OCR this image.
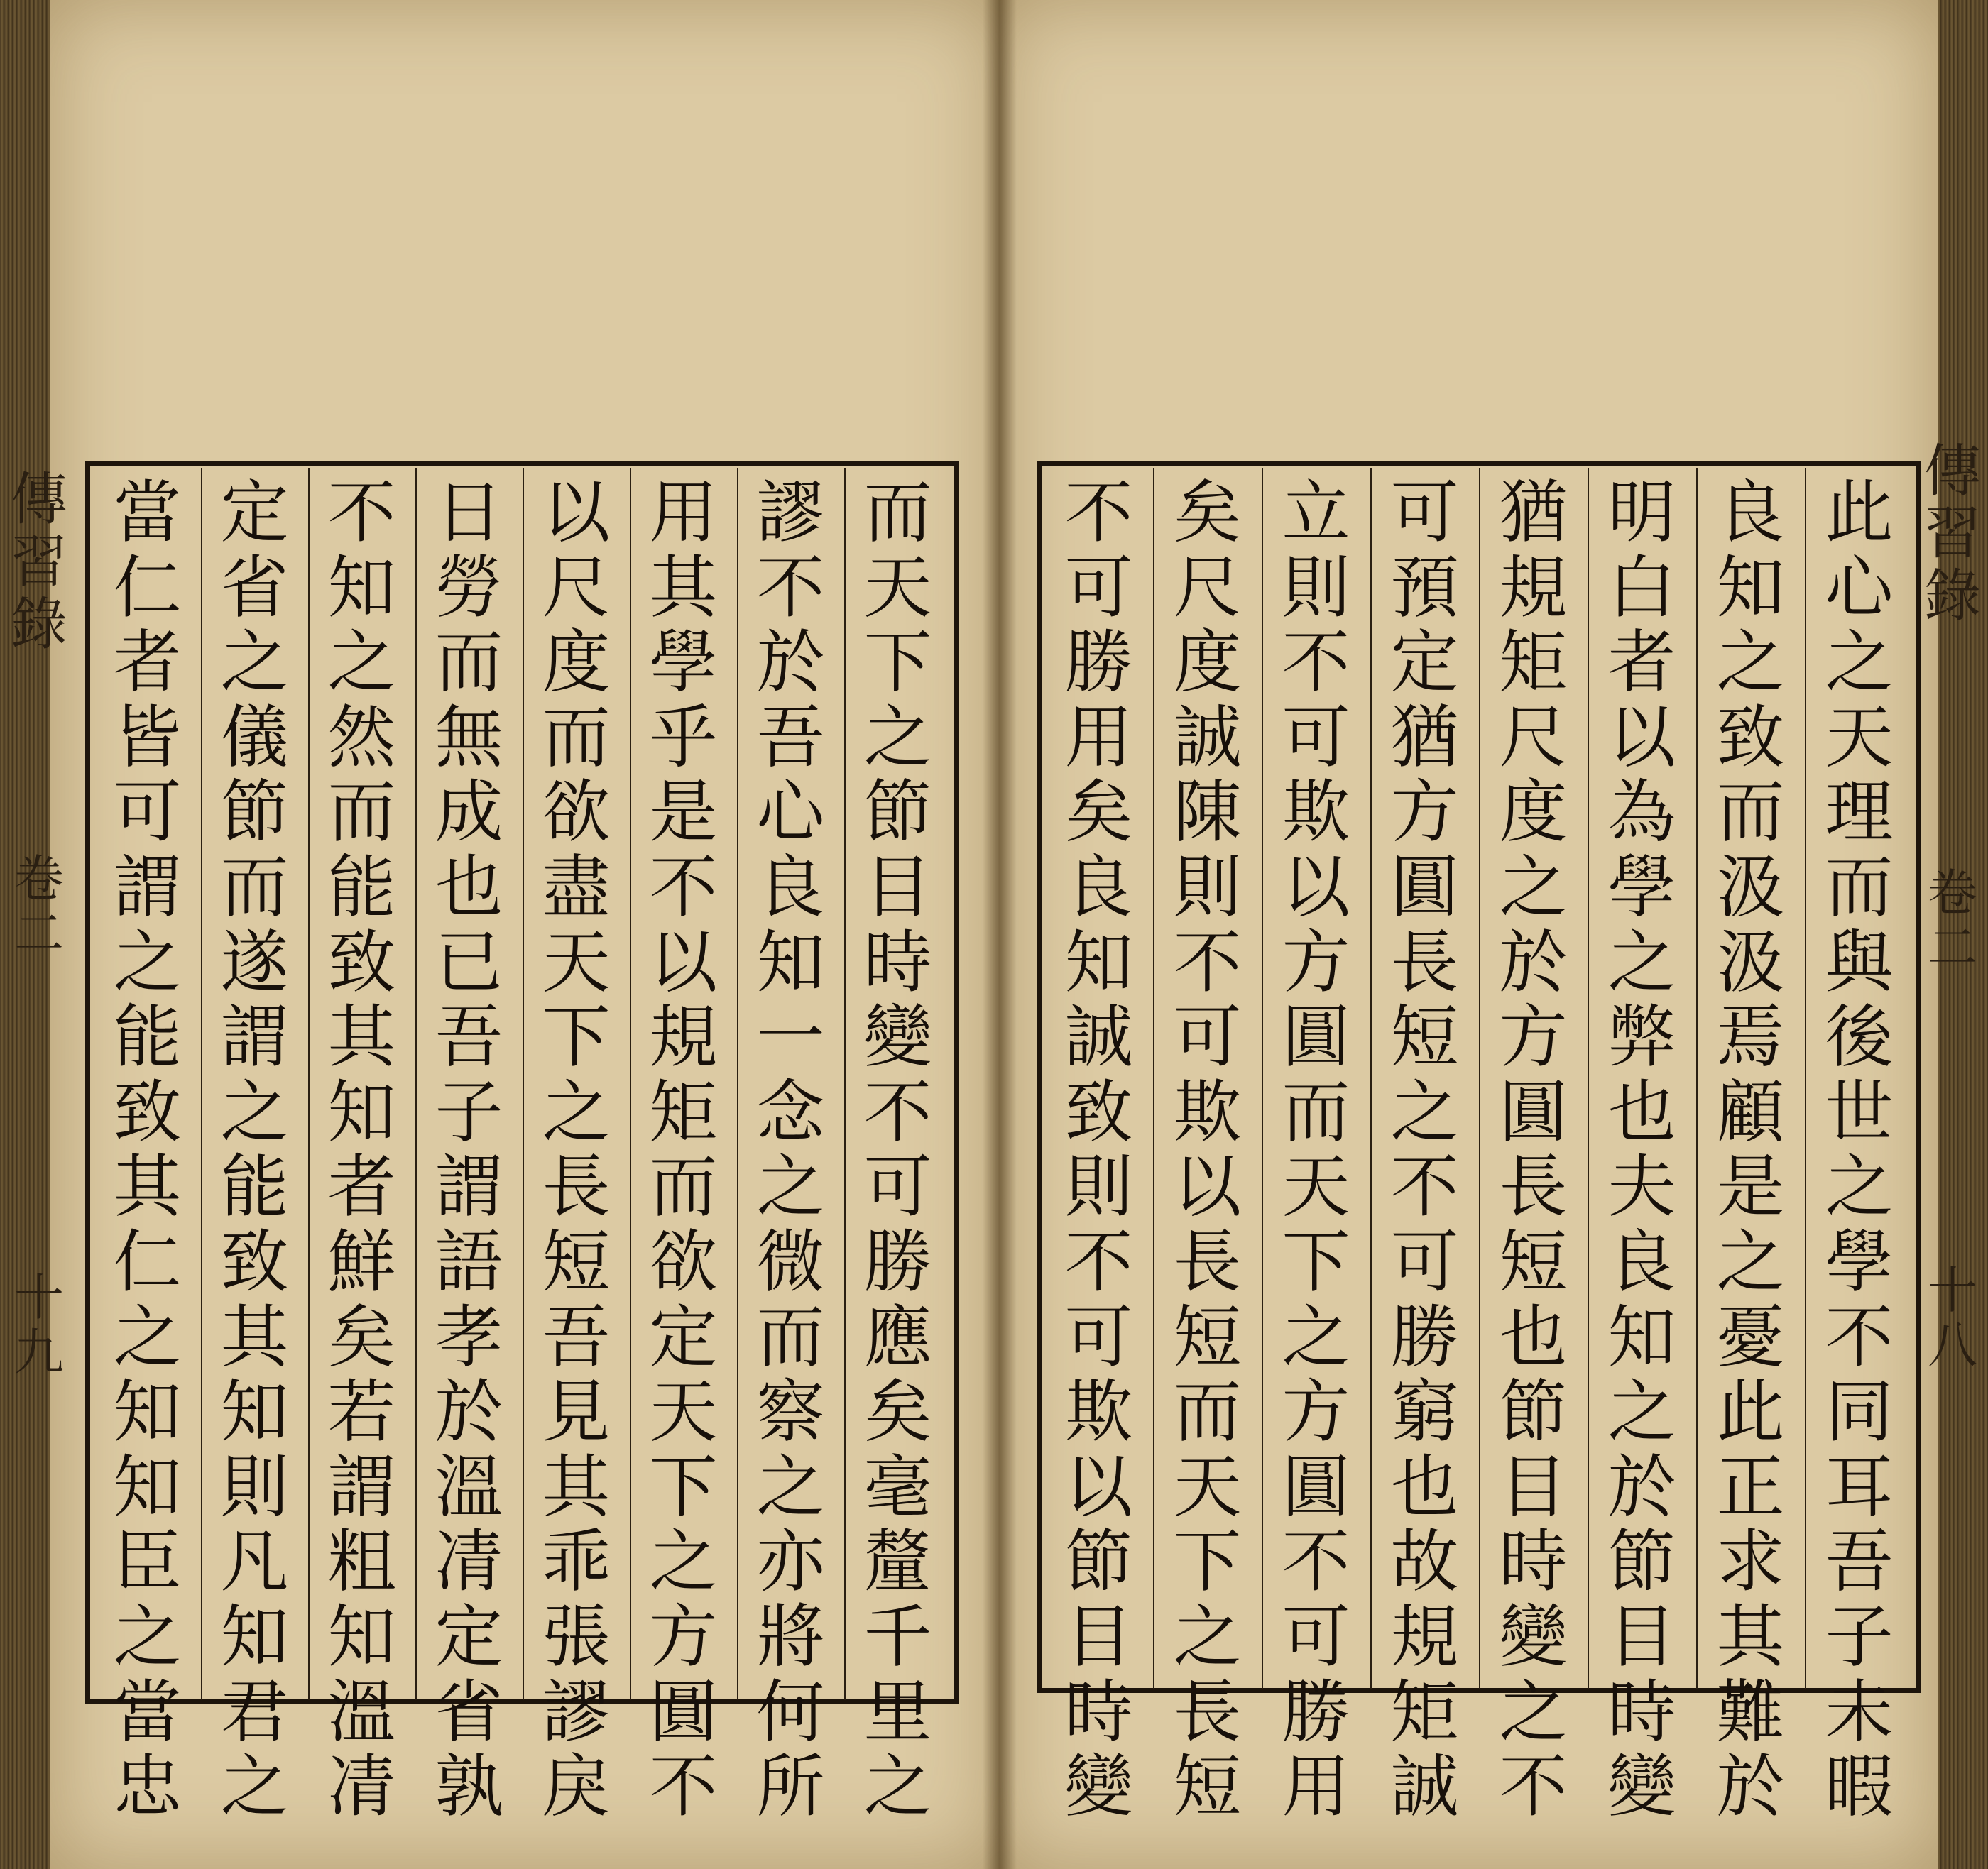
傳
習
錄
卷
二
十
九
傳
習
錄
卷
二
十
八
而
天
下
之
節
目
時
變
不
可
勝
應
矣
毫
釐
千
里
之
謬
不
於
吾
心
良
知
一
念
之
微
而
察
之
亦
將
何
所
用
其
學
乎
是
不
以
規
矩
而
欲
定
天
下
之
方
圓
不
以
尺
度
而
欲
盡
天
下
之
長
短
吾
見
其
乖
張
謬
戾
日
勞
而
無
成
也
已
吾
子
謂
語
孝
於
溫
凊
定
省
孰
不
知
之
然
而
能
致
其
知
者
鮮
矣
若
謂
粗
知
溫
凊
定
省
之
儀
節
而
遂
謂
之
能
致
其
知
則
凡
知
君
之
當
仁
者
皆
可
謂
之
能
致
其
仁
之
知
知
臣
之
當
忠
此
心
之
天
理
而
與
後
世
之
學
不
同
耳
吾
子
未
暇
良
知
之
致
而
汲
汲
焉
顧
是
之
憂
此
正
求
其
難
於
明
白
者
以
為
學
之
弊
也
夫
良
知
之
於
節
目
時
變
猶
規
矩
尺
度
之
於
方
圓
長
短
也
節
目
時
變
之
不
可
預
定
猶
方
圓
長
短
之
不
可
勝
窮
也
故
規
矩
誠
立
則
不
可
欺
以
方
圓
而
天
下
之
方
圓
不
可
勝
用
矣
尺
度
誠
陳
則
不
可
欺
以
長
短
而
天
下
之
長
短
不
可
勝
用
矣
良
知
誠
致
則
不
可
欺
以
節
目
時
變
